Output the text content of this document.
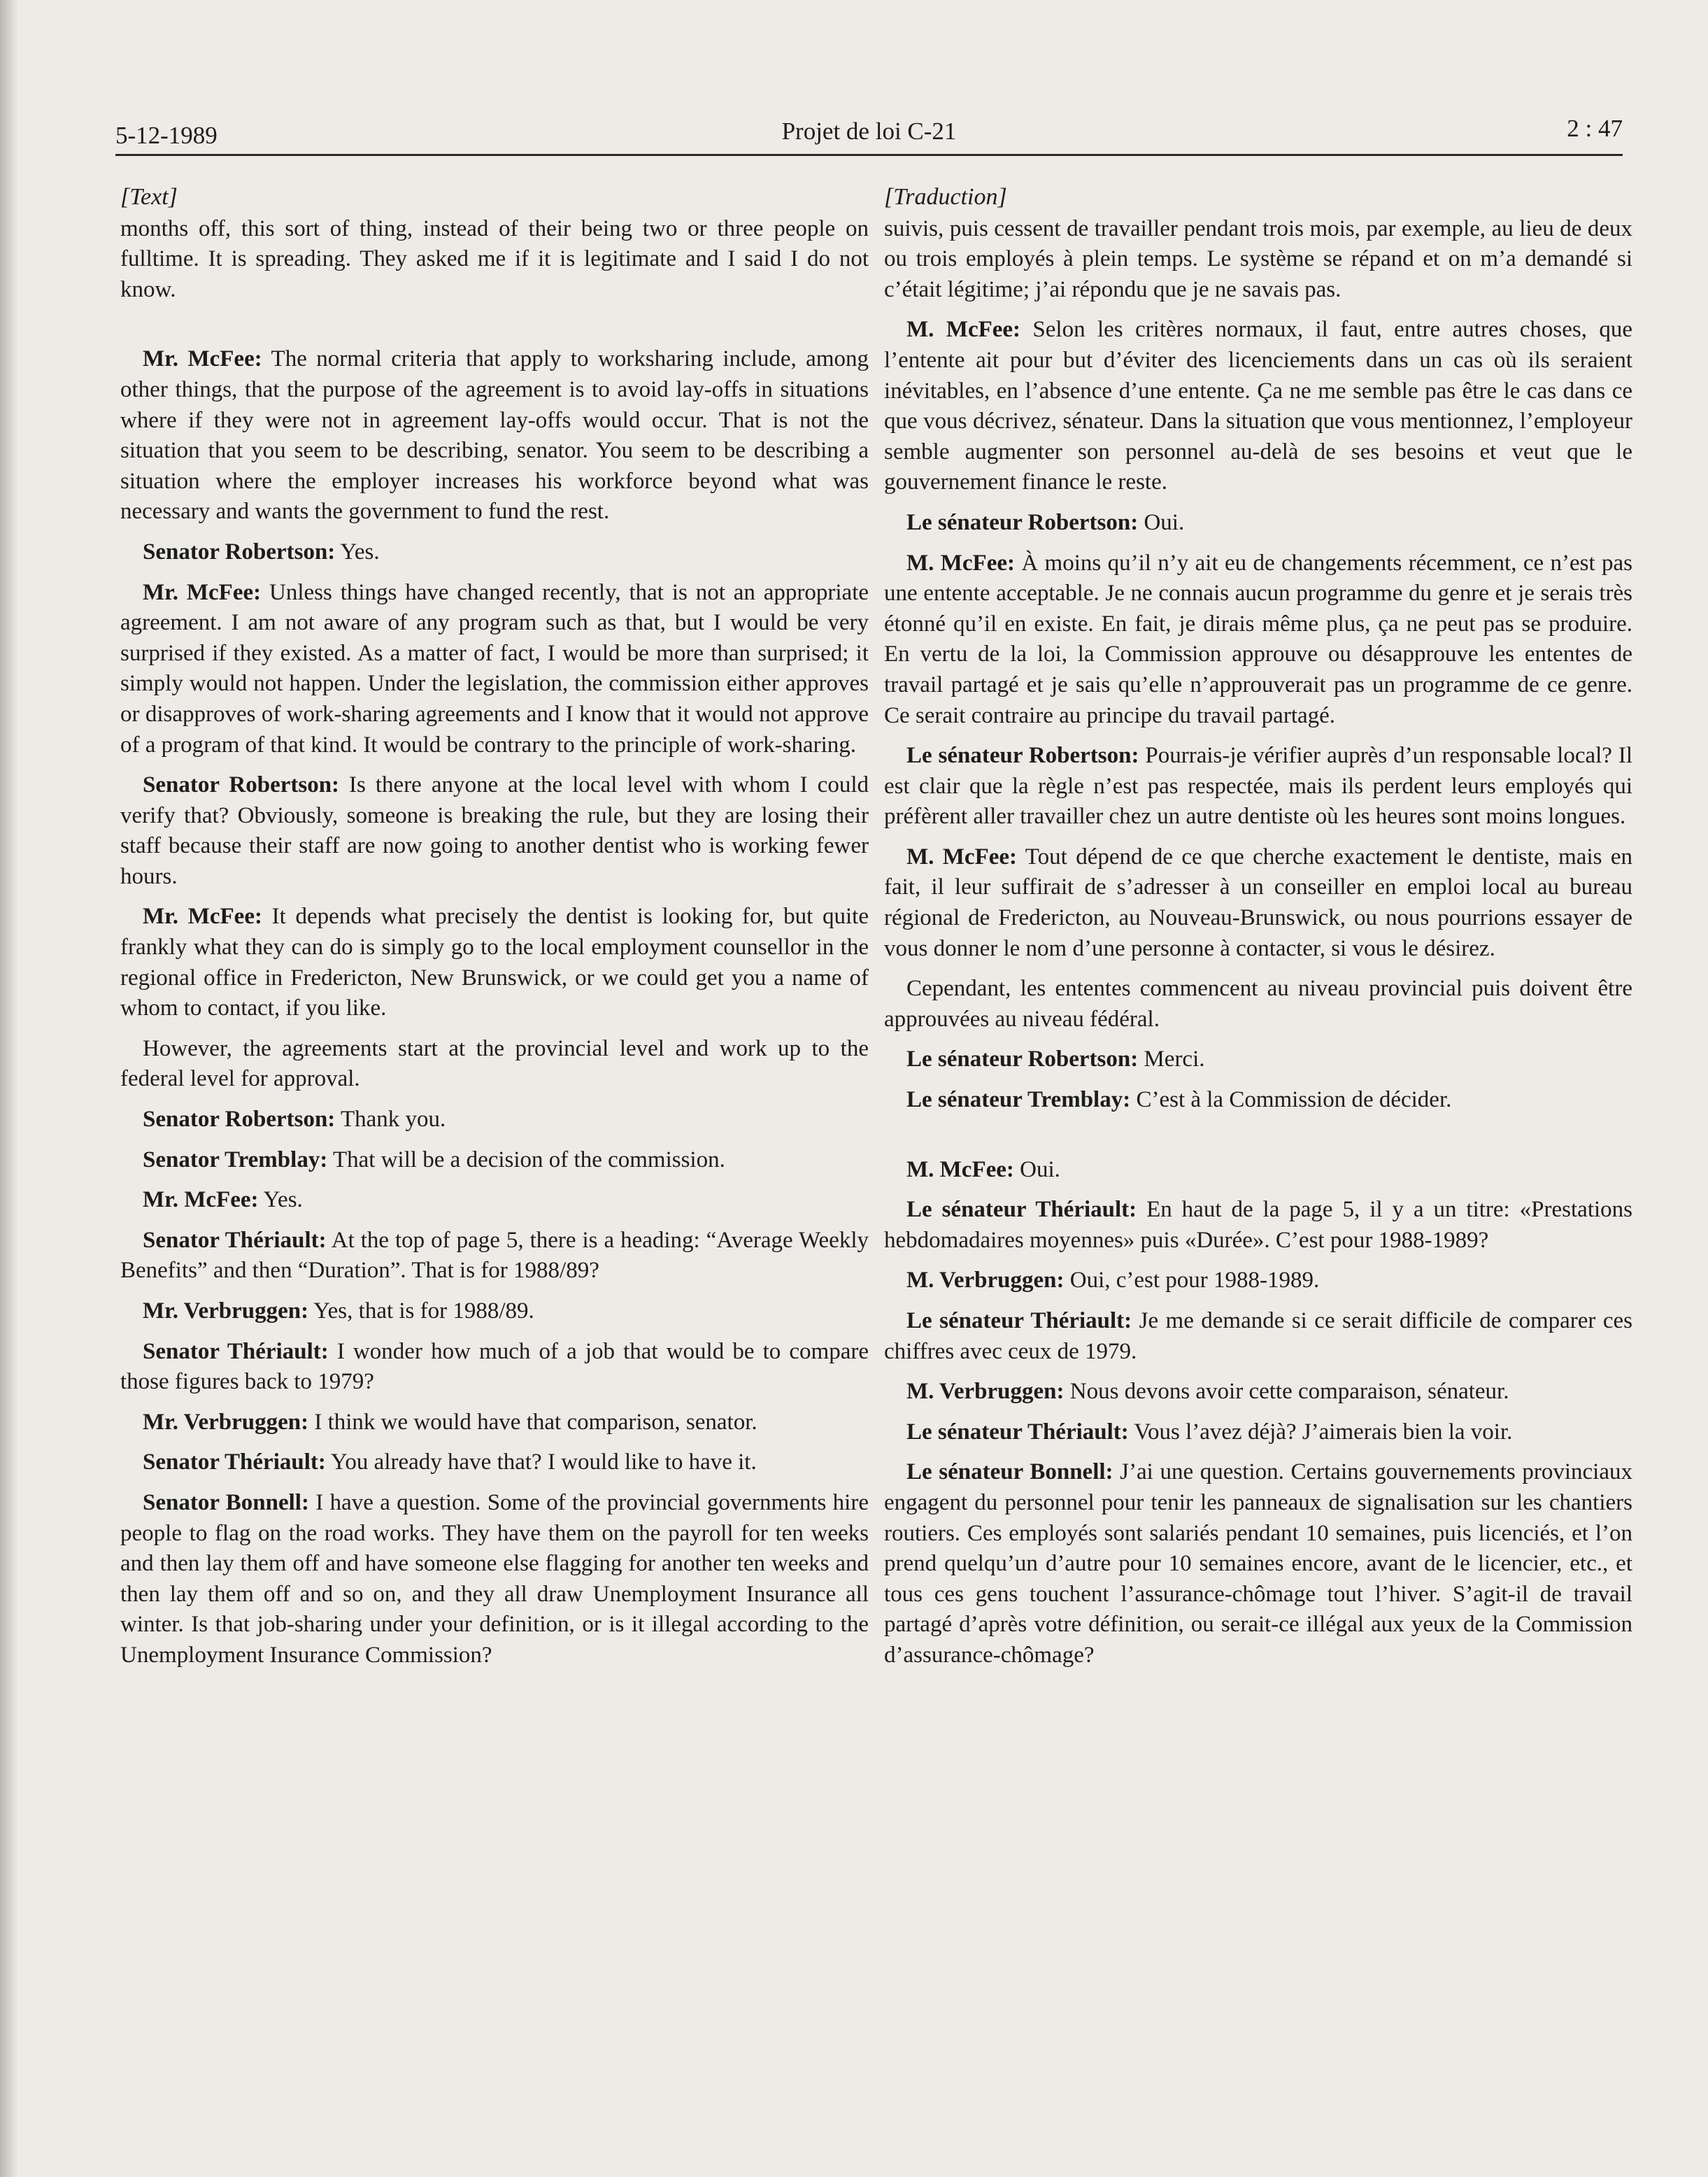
5-12-1989	Projet de loi C-21	2 : 47
[Text]

months off, this sort of thing, instead of their being two or three people on fulltime. It is spreading. They asked me if it is legitimate and I said I do not know.

Mr. McFee: The normal criteria that apply to worksharing include, among other things, that the purpose of the agreement is to avoid lay-offs in situations where if they were not in agreement lay-offs would occur. That is not the situation that you seem to be describing, senator. You seem to be describing a situation where the employer increases his workforce beyond what was necessary and wants the government to fund the rest.

Senator Robertson: Yes.

Mr. McFee: Unless things have changed recently, that is not an appropriate agreement. I am not aware of any program such as that, but I would be very surprised if they existed. As a matter of fact, I would be more than surprised; it simply would not happen. Under the legislation, the commission either approves or disapproves of work-sharing agreements and I know that it would not approve of a program of that kind. It would be contrary to the principle of work-sharing.

Senator Robertson: Is there anyone at the local level with whom I could verify that? Obviously, someone is breaking the rule, but they are losing their staff because their staff are now going to another dentist who is working fewer hours.

Mr. McFee: It depends what precisely the dentist is looking for, but quite frankly what they can do is simply go to the local employment counsellor in the regional office in Fredericton, New Brunswick, or we could get you a name of whom to contact, if you like.

However, the agreements start at the provincial level and work up to the federal level for approval.

Senator Robertson: Thank you.

Senator Tremblay: That will be a decision of the commission.

Mr. McFee: Yes.

Senator Thériault: At the top of page 5, there is a heading: “Average Weekly Benefits” and then “Duration”. That is for 1988/89?

Mr. Verbruggen: Yes, that is for 1988/89.

Senator Thériault: I wonder how much of a job that would be to compare those figures back to 1979?

Mr. Verbruggen: I think we would have that comparison, senator.

Senator Thériault: You already have that? I would like to have it.

Senator Bonnell: I have a question. Some of the provincial governments hire people to flag on the road works. They have them on the payroll for ten weeks and then lay them off and have someone else flagging for another ten weeks and then lay them off and so on, and they all draw Unemployment Insurance all winter. Is that job-sharing under your definition, or is it illegal according to the Unemployment Insurance Commission?

[Traduction]

suivis, puis cessent de travailler pendant trois mois, par exemple, au lieu de deux ou trois employés à plein temps. Le système se répand et on m’a demandé si c’était légitime; j’ai répondu que je ne savais pas.

M. McFee: Selon les critères normaux, il faut, entre autres choses, que l’entente ait pour but d’éviter des licenciements dans un cas où ils seraient inévitables, en l’absence d’une entente. Ça ne me semble pas être le cas dans ce que vous décrivez, sénateur. Dans la situation que vous mentionnez, l’employeur semble augmenter son personnel au-delà de ses besoins et veut que le gouvernement finance le reste.

Le sénateur Robertson: Oui.

M. McFee: À moins qu’il n’y ait eu de changements récemment, ce n’est pas une entente acceptable. Je ne connais aucun programme du genre et je serais très étonné qu’il en existe. En fait, je dirais même plus, ça ne peut pas se produire. En vertu de la loi, la Commission approuve ou désapprouve les ententes de travail partagé et je sais qu’elle n’approuverait pas un programme de ce genre. Ce serait contraire au principe du travail partagé.

Le sénateur Robertson: Pourrais-je vérifier auprès d’un responsable local? Il est clair que la règle n’est pas respectée, mais ils perdent leurs employés qui préfèrent aller travailler chez un autre dentiste où les heures sont moins longues.

M. McFee: Tout dépend de ce que cherche exactement le dentiste, mais en fait, il leur suffirait de s’adresser à un conseiller en emploi local au bureau régional de Fredericton, au Nouveau-Brunswick, ou nous pourrions essayer de vous donner le nom d’une personne à contacter, si vous le désirez.

Cependant, les ententes commencent au niveau provincial puis doivent être approuvées au niveau fédéral.

Le sénateur Robertson: Merci.

Le sénateur Tremblay: C’est à la Commission de décider.

M. McFee: Oui.

Le sénateur Thériault: En haut de la page 5, il y a un titre: «Prestations hebdomadaires moyennes» puis «Durée». C’est pour 1988-1989?

M. Verbruggen: Oui, c’est pour 1988-1989.

Le sénateur Thériault: Je me demande si ce serait difficile de comparer ces chiffres avec ceux de 1979.

M. Verbruggen: Nous devons avoir cette comparaison, sénateur.

Le sénateur Thériault: Vous l’avez déjà? J’aimerais bien la voir.

Le sénateur Bonnell: J’ai une question. Certains gouvernements provinciaux engagent du personnel pour tenir les panneaux de signalisation sur les chantiers routiers. Ces employés sont salariés pendant 10 semaines, puis licenciés, et l’on prend quelqu’un d’autre pour 10 semaines encore, avant de le licencier, etc., et tous ces gens touchent l’assurance-chômage tout l’hiver. S’agit-il de travail partagé d’après votre définition, ou serait-ce illégal aux yeux de la Commission d’assurance-chômage?
